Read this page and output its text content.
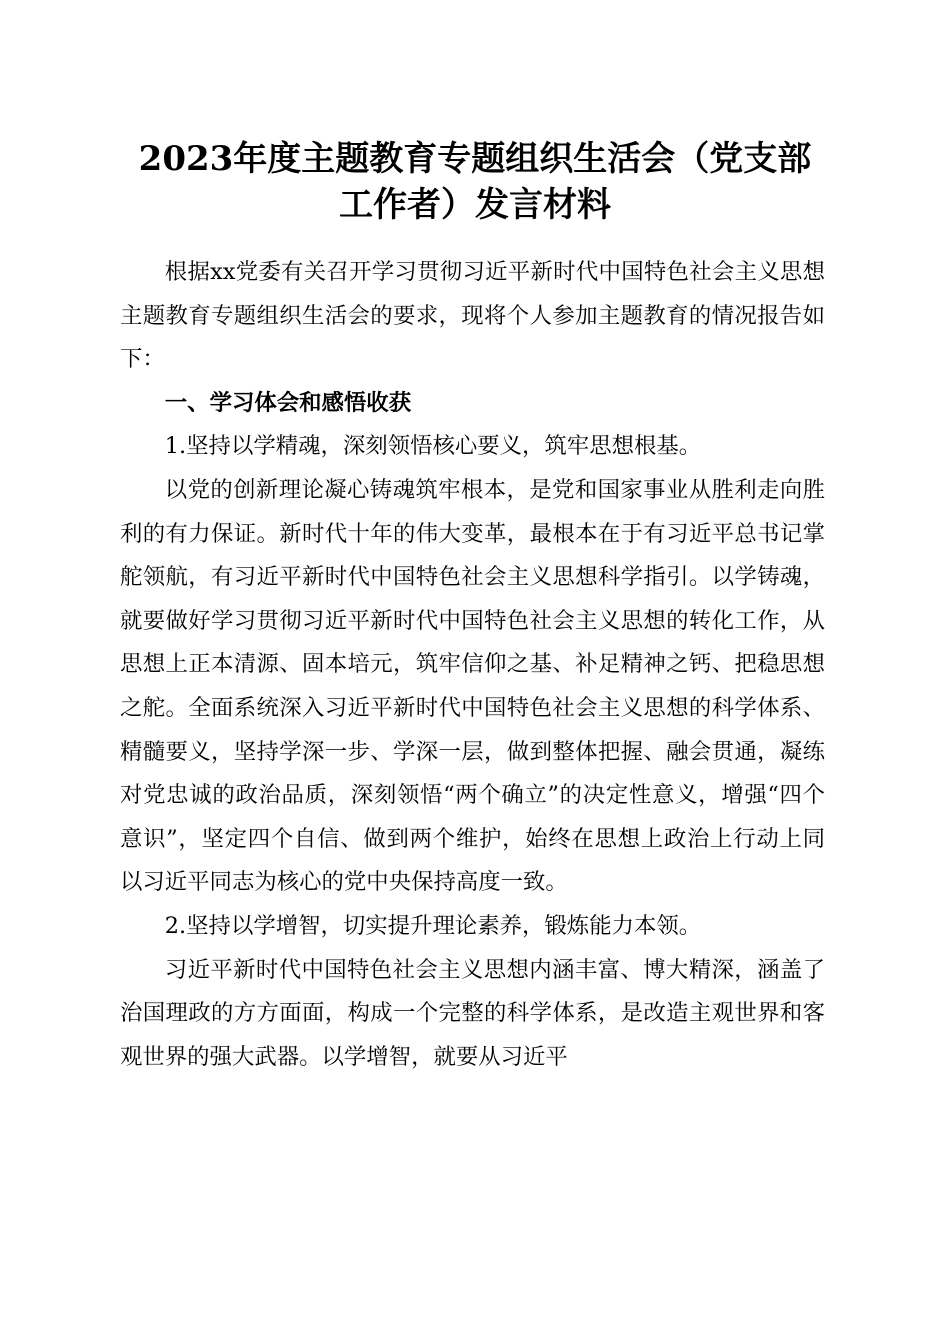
2023年度主题教育专题组织生活会（党支部
工作者）发言材料

根据xx党委有关召开学习贯彻习近平新时代中国特色社会主义思想主题教育专题组织生活会的要求，现将个人参加主题教育的情况报告如下：

一、学习体会和感悟收获

1.坚持以学精魂，深刻领悟核心要义，筑牢思想根基。

以党的创新理论凝心铸魂筑牢根本，是党和国家事业从胜利走向胜利的有力保证。新时代十年的伟大变革，最根本在于有习近平总书记掌舵领航，有习近平新时代中国特色社会主义思想科学指引。以学铸魂，就要做好学习贯彻习近平新时代中国特色社会主义思想的转化工作，从思想上正本清源、固本培元，筑牢信仰之基、补足精神之钙、把稳思想之舵。全面系统深入习近平新时代中国特色社会主义思想的科学体系、精髓要义，坚持学深一步、学深一层，做到整体把握、融会贯通，凝练对党忠诚的政治品质，深刻领悟“两个确立”的决定性意义，增强“四个意识”，坚定四个自信、做到两个维护，始终在思想上政治上行动上同以习近平同志为核心的党中央保持高度一致。

2.坚持以学增智，切实提升理论素养，锻炼能力本领。

习近平新时代中国特色社会主义思想内涵丰富、博大精深，涵盖了治国理政的方方面面，构成一个完整的科学体系，是改造主观世界和客观世界的强大武器。以学增智，就要从习近平
